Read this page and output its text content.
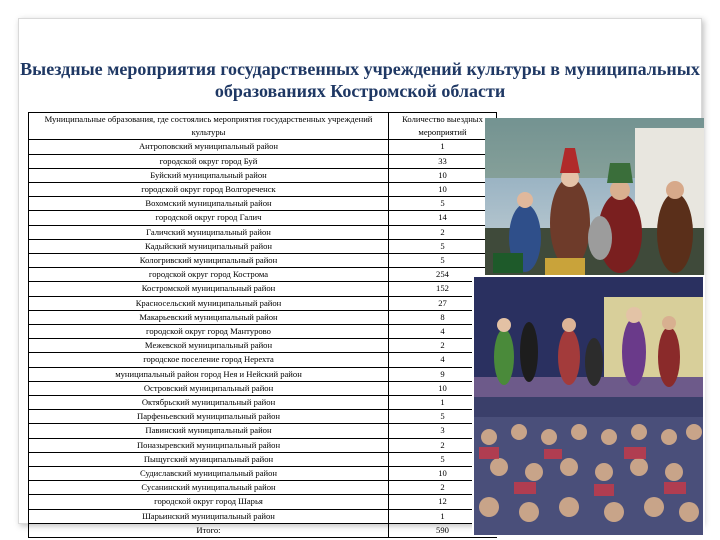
Выездные мероприятия государственных учреждений культуры в муниципальных образованиях Костромской области
Муниципальные образования, где состоялись мероприятия государственных учреждений культуры	Количество выездных мероприятий
Антроповский муниципальный район	1
городской округ город Буй	33
Буйский муниципальный район	10
городской округ город Волгореченск	10
Вохомский муниципальный район	5
городской округ город Галич	14
Галичский муниципальный район	2
Кадыйский муниципальный район	5
Кологривский муниципальный район	5
городской округ город Кострома	254
Костромской муниципальный район	152
Красносельский муниципальный район	27
Макарьевский муниципальный район	8
городской округ город Мантурово	4
Межевской муниципальный район	2
городское поселение город Нерехта	4
муниципальный район город Нея и Нейский район	9
Островский муниципальный район	10
Октябрьский муниципальный район	1
Парфеньевский муниципальный район	5
Павинский муниципальный район	3
Поназыревский муниципальный район	2
Пыщугский муниципальный район	5
Судиславский муниципальный район	10
Сусанинский муниципальный район	2
городской округ город Шарья	12
Шарьинский муниципальный район	1
Итого:	590
